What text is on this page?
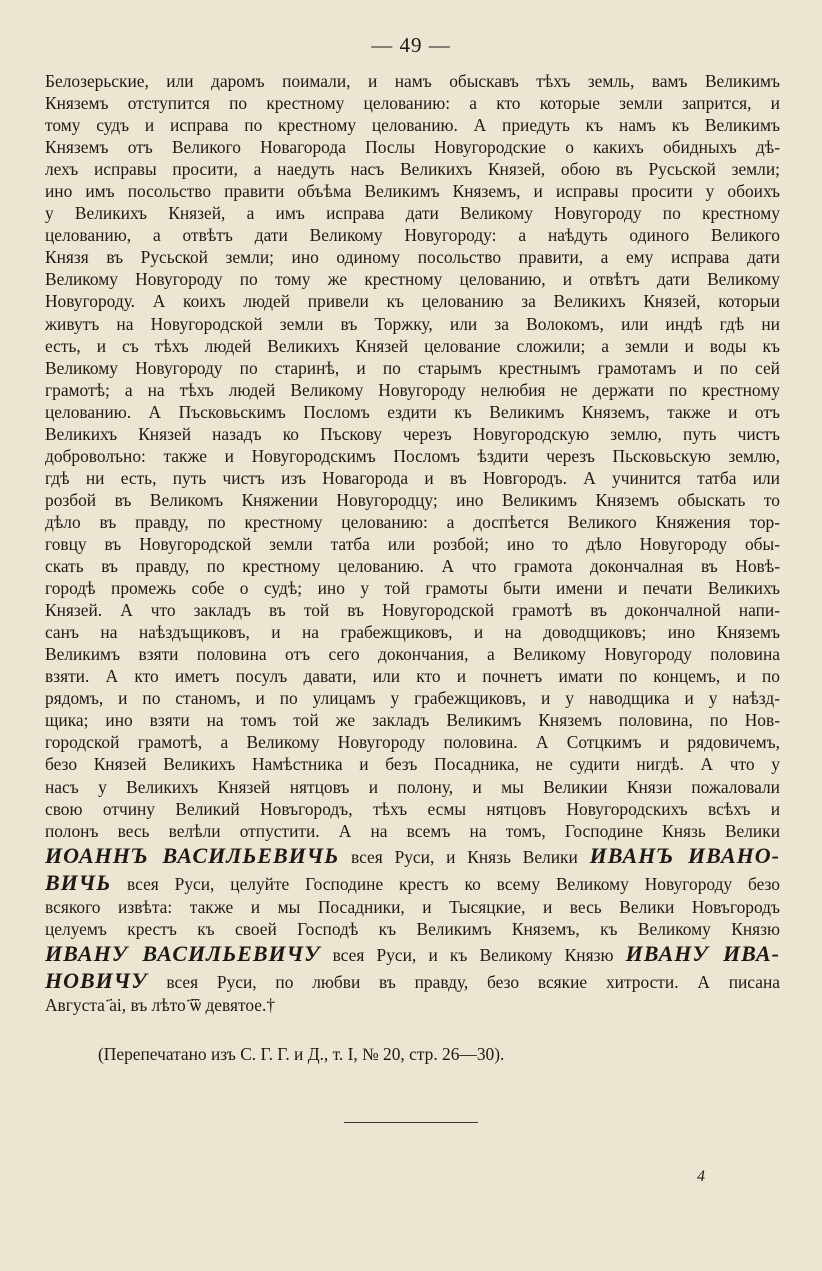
— 49 —
Белозерьские, или даромъ поимали, и намъ обыскавъ тѣхъ земль, вамъ Великимъ
Княземъ отступится по крестному целованию: а кто которые земли запрится, и
тому судъ и исправа по крестному целованию. А приедуть къ намъ къ Великимъ
Княземъ отъ Великого Новагорода Послы Новугородские о какихъ обидныхъ дѣ-
лехъ исправы просити, а наедуть насъ Великихъ Князей, обою въ Русьской земли;
ино имъ посольство правити объѣма Великимъ Княземъ, и исправы просити у обоихъ
у Великихъ Князей, а имъ исправа дати Великому Новугороду по крестному
целованию, а отвѣтъ дати Великому Новугороду: а наѣдуть одиного Великого
Князя въ Русьской земли; ино одиному посольство правити, а ему исправа дати
Великому Новугороду по тому же крестному целованию, и отвѣтъ дати Великому
Новугороду. А коихъ людей привели къ целованию за Великихъ Князей, которыи
живутъ на Новугородской земли въ Торжку, или за Волокомъ, или индѣ гдѣ ни
есть, и съ тѣхъ людей Великихъ Князей целование сложили; а земли и воды къ
Великому Новугороду по старинѣ, и по старымъ крестнымъ грамотамъ и по сей
грамотѣ; а на тѣхъ людей Великому Новугороду нелюбия не держати по крестному
целованию. А Пъсковьскимъ Посломъ ездити къ Великимъ Княземъ, также и отъ
Великихъ Князей назадъ ко Пъскову черезъ Новугородскую землю, путь чистъ
доброволъно: также и Новугородскимъ Посломъ ѣздити черезъ Пьсковьскую землю,
гдѣ ни есть, путь чистъ изъ Новагорода и въ Новгородъ. А учинится татба или
розбой въ Великомъ Княжении Новугородцу; ино Великимъ Княземъ обыскать то
дѣло въ правду, по крестному целованию: а доспѣется Великого Княжения тор-
говцу въ Новугородской земли татба или розбой; ино то дѣло Новугороду обы-
скать въ правду, по крестному целованию. А что грамота докончалная въ Новѣ-
городѣ промежь собе о судѣ; ино у той грамоты быти имени и печати Великихъ
Князей. А что закладъ въ той въ Новугородской грамотѣ въ докончалной напи-
санъ на наѣздъщиковъ, и на грабежщиковъ, и на доводщиковъ; ино Княземъ
Великимъ взяти половина отъ сего докончания, а Великому Новугороду половина
взяти. А кто иметъ посулъ давати, или кто и почнетъ имати по концемъ, и по
рядомъ, и по станомъ, и по улицамъ у грабежщиковъ, и у наводщика и у наѣзд-
щика; ино взяти на томъ той же закладъ Великимъ Княземъ половина, по Нов-
городской грамотѣ, а Великому Новугороду половина. А Сотцкимъ и рядовичемъ,
безо Князей Великихъ Намѣстника и безъ Посадника, не судити нигдѣ. А что у
насъ у Великихъ Князей нятцовъ и полону, и мы Великии Князи пожаловали
свою отчину Великий Новъгородъ, тѣхъ есмы нятцовъ Новугородскихъ всѣхъ и
полонъ весь велѣли отпустити. А на всемъ на томъ, Господине Князь Велики
ИОАННЪ ВАСИЛЬЕВИЧЬ всея Руси, и Князь Велики ИВАНЪ ИВАНО-
ВИЧЬ всея Руси, целуйте Господине крестъ ко всему Великому Новугороду безо
всякого извѣта: также и мы Посадники, и Тысяцкие, и весь Велики Новъгородъ
целуемъ крестъ къ своей Господѣ къ Великимъ Княземъ, къ Великому Князю
ИВАНУ ВАСИЛЬЕВИЧУ всея Руси, и къ Великому Князю ИВАНУ ИВА-
НОВИЧУ всея Руси, по любви въ правду, безо всякие хитрости. А писана
Августа ҃аі, въ лѣто ҃ѿ девятое.†
(Перепечатано изъ С. Г. Г. и Д., т. I, № 20, стр. 26—30).
4
